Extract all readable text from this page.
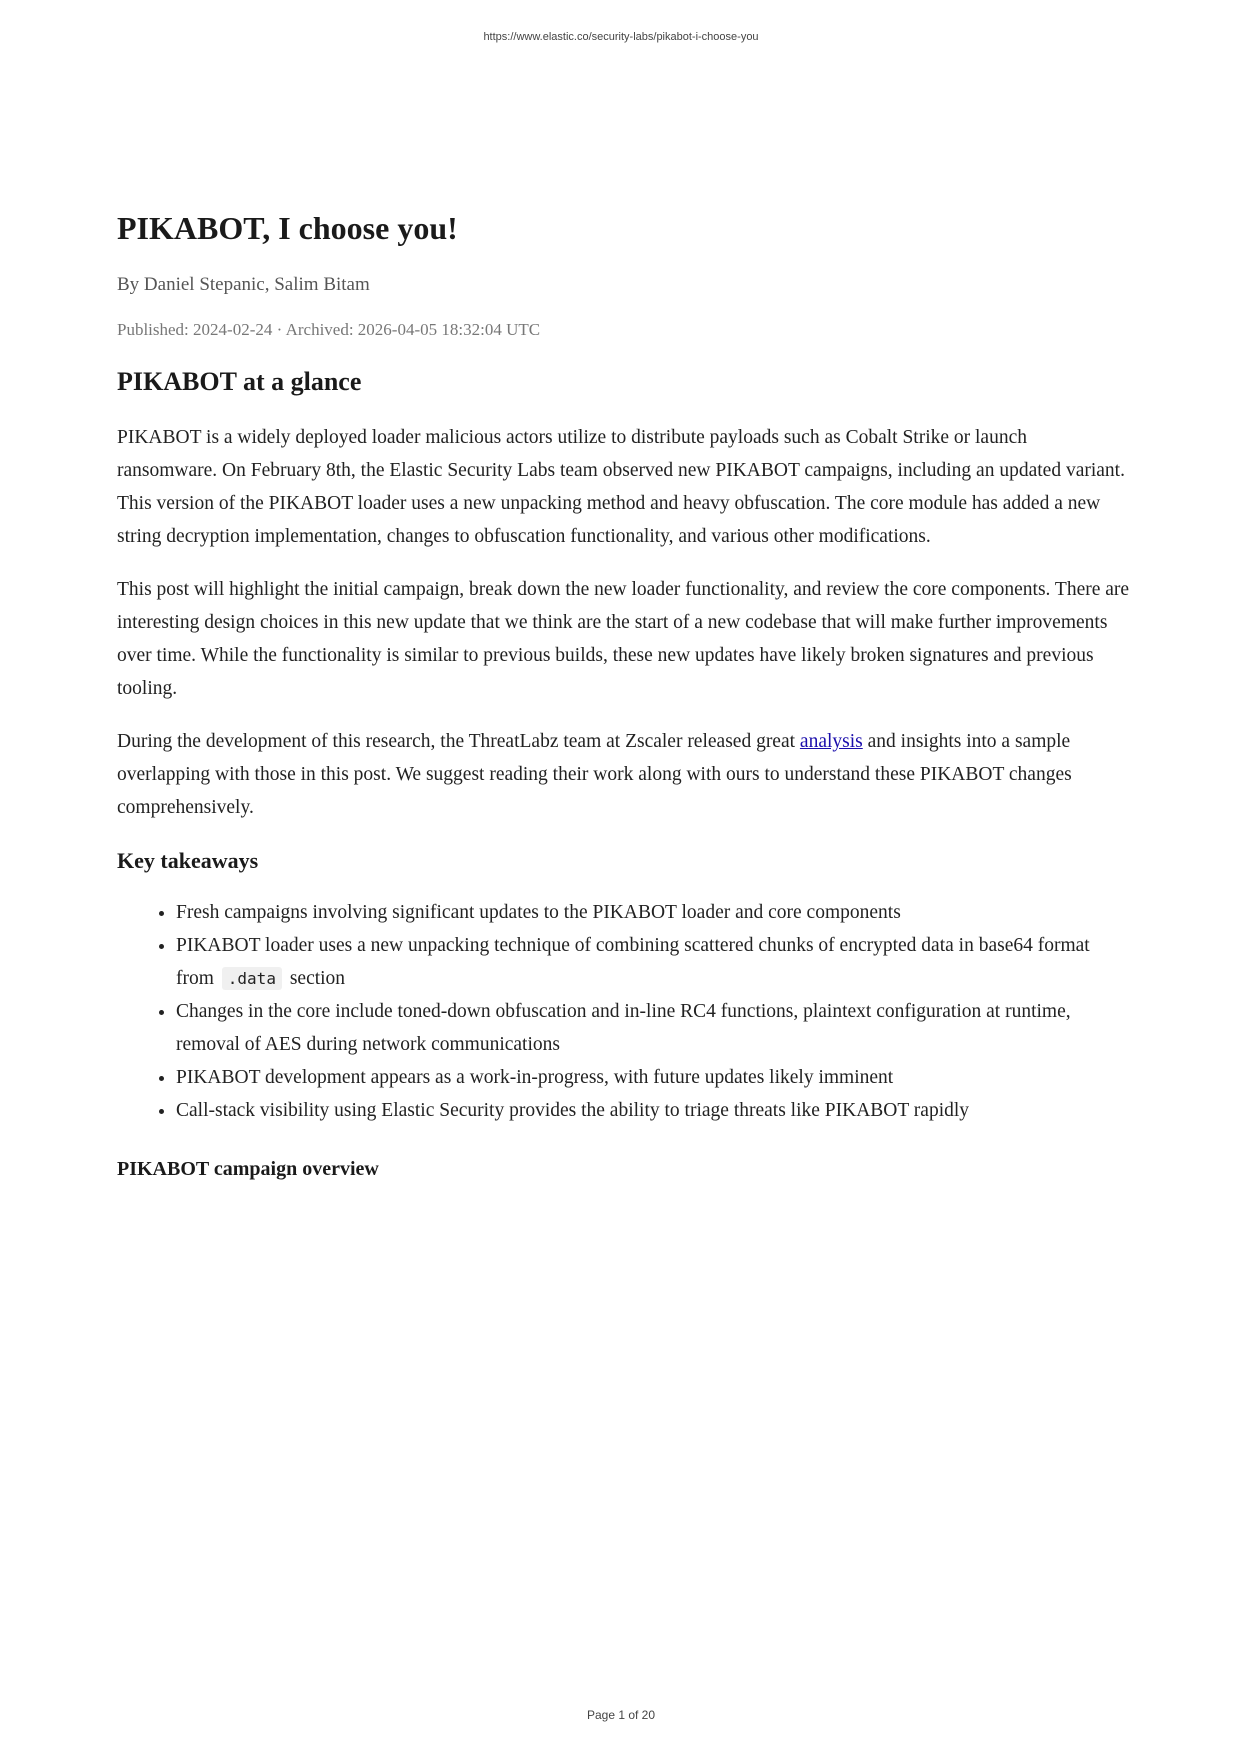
https://www.elastic.co/security-labs/pikabot-i-choose-you
PIKABOT, I choose you!
By Daniel Stepanic, Salim Bitam
Published: 2024-02-24 · Archived: 2026-04-05 18:32:04 UTC
PIKABOT at a glance

PIKABOT is a widely deployed loader malicious actors utilize to distribute payloads such as Cobalt Strike or launch ransomware. On February 8th, the Elastic Security Labs team observed new PIKABOT campaigns, including an updated variant. This version of the PIKABOT loader uses a new unpacking method and heavy obfuscation. The core module has added a new string decryption implementation, changes to obfuscation functionality, and various other modifications.

This post will highlight the initial campaign, break down the new loader functionality, and review the core components. There are interesting design choices in this new update that we think are the start of a new codebase that will make further improvements over time. While the functionality is similar to previous builds, these new updates have likely broken signatures and previous tooling.

During the development of this research, the ThreatLabz team at Zscaler released great analysis and insights into a sample overlapping with those in this post. We suggest reading their work along with ours to understand these PIKABOT changes comprehensively.

Key takeaways
• Fresh campaigns involving significant updates to the PIKABOT loader and core components
• PIKABOT loader uses a new unpacking technique of combining scattered chunks of encrypted data in base64 format from .data section
• Changes in the core include toned-down obfuscation and in-line RC4 functions, plaintext configuration at runtime, removal of AES during network communications
• PIKABOT development appears as a work-in-progress, with future updates likely imminent
• Call-stack visibility using Elastic Security provides the ability to triage threats like PIKABOT rapidly
PIKABOT campaign overview
Page 1 of 20
